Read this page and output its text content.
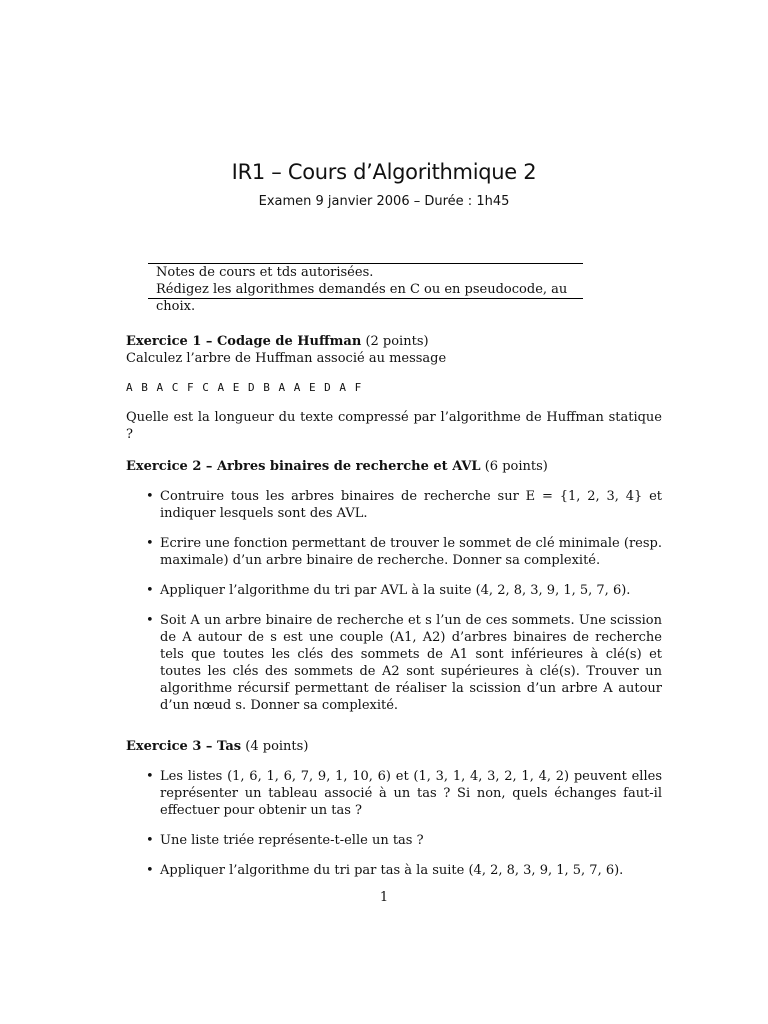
IR1 – Cours d’Algorithmique 2
Examen 9 janvier 2006 – Durée : 1h45
Notes de cours et tds autorisées.
Rédigez les algorithmes demandés en C ou en pseudocode, au choix.

Exercice 1 – Codage de Huffman (2 points)

Calculez l’arbre de Huffman associé au message

A B A C F C A E D B A A E D A F

Quelle est la longueur du texte compressé par l’algorithme de Huffman statique ?

Exercice 2 – Arbres binaires de recherche et AVL (6 points)

• Contruire tous les arbres binaires de recherche sur E = {1, 2, 3, 4} et indiquer lesquels sont des AVL.
• Ecrire une fonction permettant de trouver le sommet de clé minimale (resp. maximale) d’un arbre binaire de recherche. Donner sa complexité.
• Appliquer l’algorithme du tri par AVL à la suite (4, 2, 8, 3, 9, 1, 5, 7, 6).
• Soit A un arbre binaire de recherche et s l’un de ces sommets. Une scission de A autour de s est une couple (A1, A2) d’arbres binaires de recherche tels que toutes les clés des sommets de A1 sont inférieures à clé(s) et toutes les clés des sommets de A2 sont supérieures à clé(s). Trouver un algorithme récursif permettant de réaliser la scission d’un arbre A autour d’un nœud s. Donner sa complexité.

Exercice 3 – Tas (4 points)

• Les listes (1, 6, 1, 6, 7, 9, 1, 10, 6) et (1, 3, 1, 4, 3, 2, 1, 4, 2) peuvent elles représenter un tableau associé à un tas ? Si non, quels échanges faut-il effectuer pour obtenir un tas ?
• Une liste triée représente-t-elle un tas ?
• Appliquer l’algorithme du tri par tas à la suite (4, 2, 8, 3, 9, 1, 5, 7, 6).
1
